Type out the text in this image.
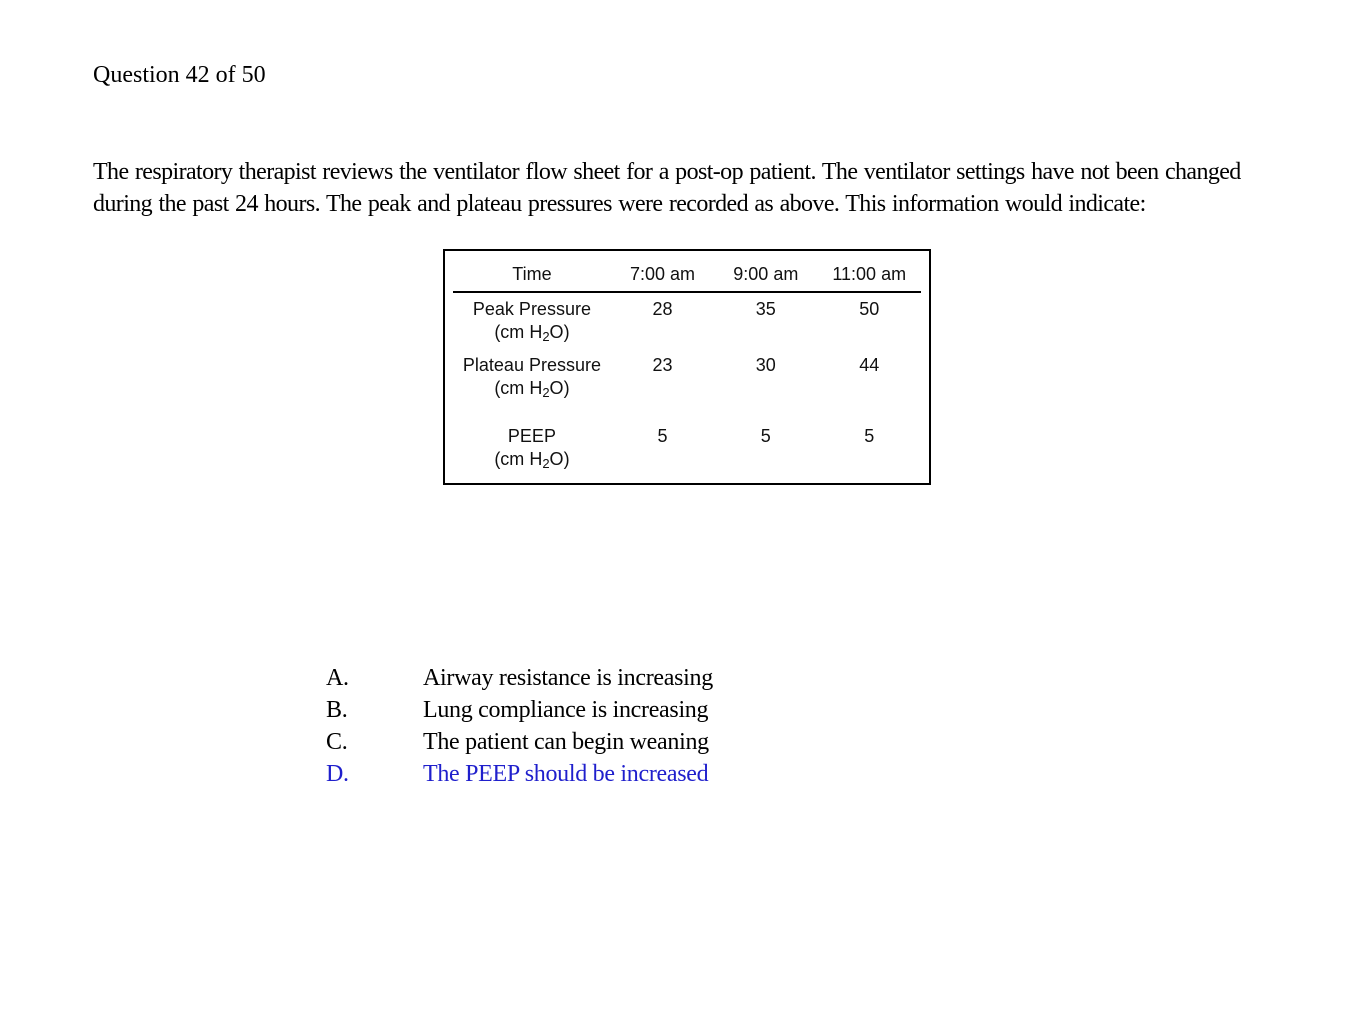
Question 42 of 50
The respiratory therapist reviews the ventilator flow sheet for a post-op patient. The ventilator settings have not been changed during the past 24 hours. The peak and plateau pressures were recorded as above. This information would indicate:
Time	7:00 am	9:00 am	11:00 am
Peak Pressure
(cm $H_2O$)	28	35	50
Plateau Pressure
(cm $H_2O$)	23	30	44
PEEP
(cm $H_2O$)	5	5	5
A.	Airway resistance is increasing
B.	Lung compliance is increasing
C.	The patient can begin weaning
D.	The PEEP should be increased
